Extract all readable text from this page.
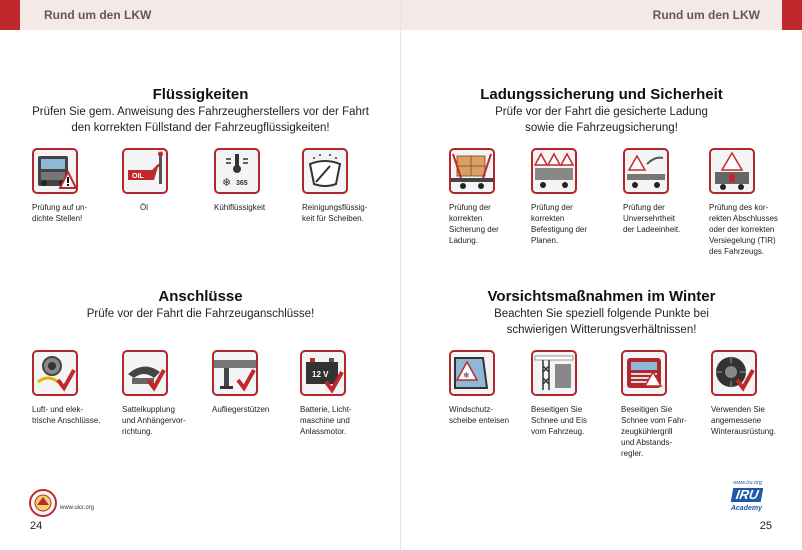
Rund um den LKW
Flüssigkeiten
Prüfen Sie gem. Anweisung des Fahrzeugherstellers vor der Fahrt
den korrekten Füllstand der Fahrzeugflüssigkeiten!
Prüfung auf un-
dichte Stellen!
OIL
Öl
❄ 365
Kühlflüssigkeit	Reinigungsflüssig-
keit für Scheiben.
Anschlüsse
Prüfe vor der Fahrt die Fahrzeuganschlüsse!
Luft- und elek-
trische Anschlüsse.
Sattelkupplung
und Anhängervor-
richtung.
Aufliegerstützen
12 V
Batterie, Licht-
maschine und
Anlassmotor.
www.uicr.org
24
Rund um den LKW
Ladungssicherung und Sicherheit
Prüfe vor der Fahrt die gesicherte Ladung
sowie die Fahrzeugsicherung!
Prüfung der
korrekten
Sicherung der
Ladung.
Prüfung der
korrekten
Befestigung der
Planen.
Prüfung der
Unversehrtheit
der Ladeeinheit.
Prüfung des kor-
rekten Abschlusses
oder der korrekten
Versiegelung (TIR)
des Fahrzeugs.
Vorsichtsmaßnahmen im Winter
Beachten Sie speziell folgende Punkte bei
schwierigen Witterungsverhältnissen!
❄
Windschutz-
scheibe enteisen
Beseitigen Sie
Schnee und Eis
vom Fahrzeug.
Beseitigen Sie
Schnee vom Fahr-
zeugkühlergrill
und Abstands-
regler.
Verwenden Sie
angemessene
Winterausrüstung.
www.iru.org
IRU
Academy
25
